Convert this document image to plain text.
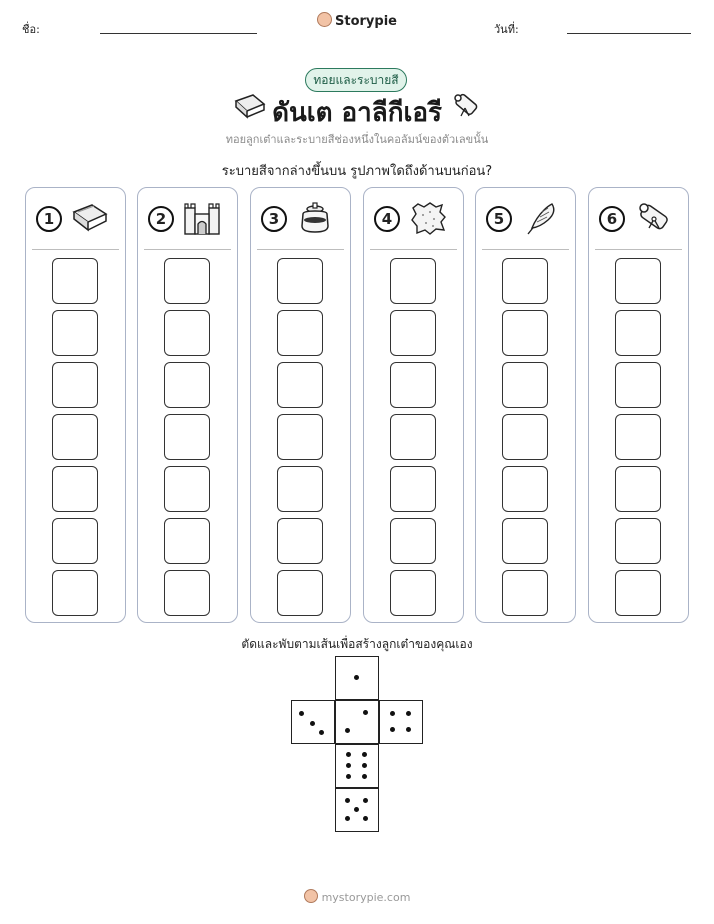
ชื่อ:
Storypie
วันที่:
ทอยและระบายสี
ดันเต อาลีกีเอรี
ทอยลูกเต๋าและระบายสีช่องหนึ่งในคอลัมน์ของตัวเลขนั้น
ระบายสีจากล่างขึ้นบน รูปภาพใดถึงด้านบนก่อน?
1	2	3	4	5	6
ตัดและพับตามเส้นเพื่อสร้างลูกเต๋าของคุณเอง
mystorypie.com
